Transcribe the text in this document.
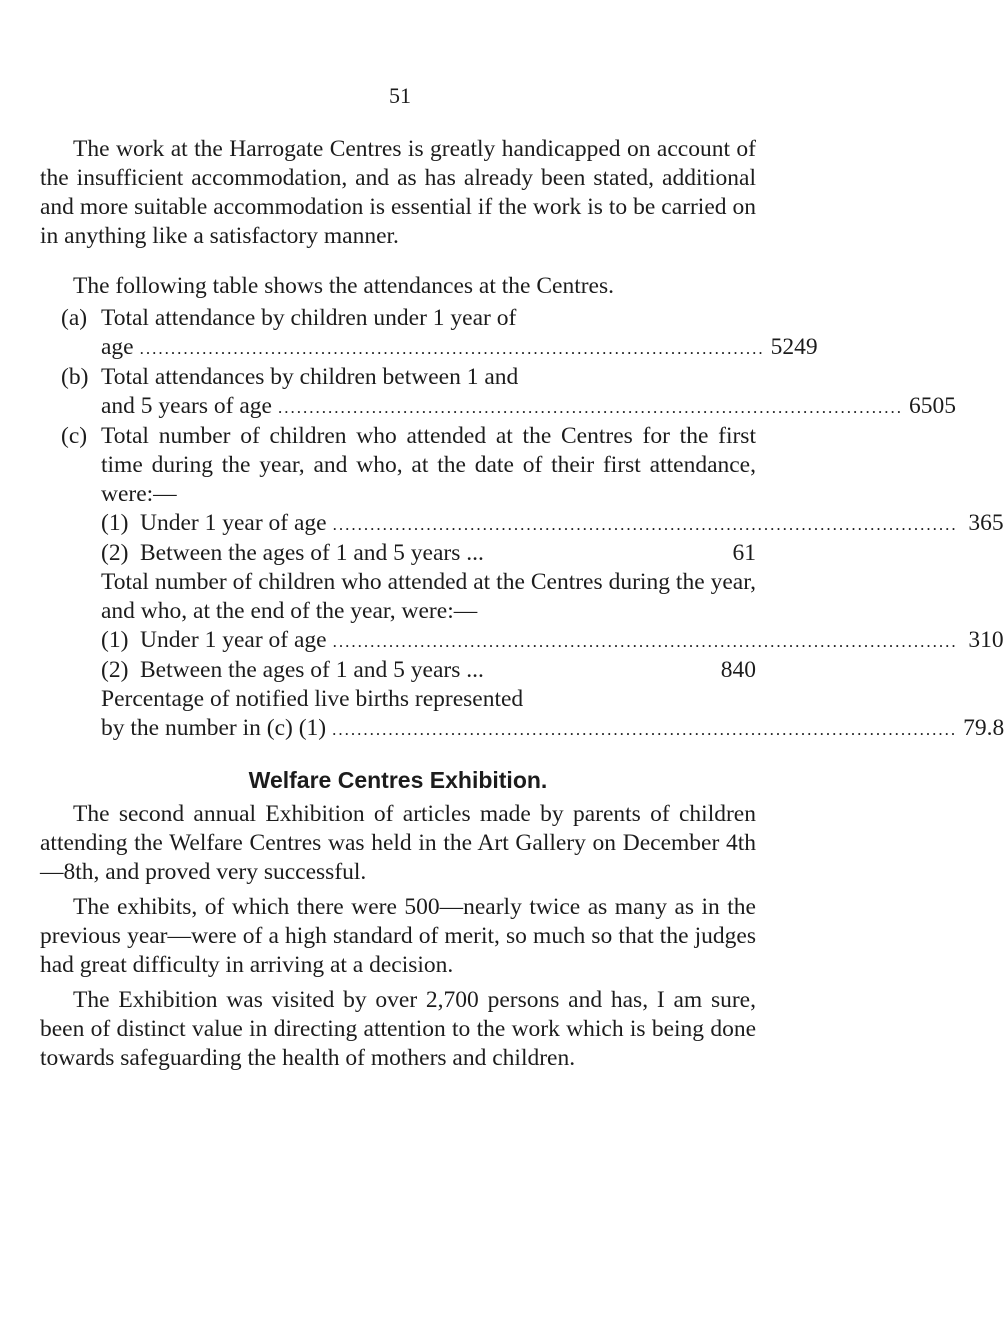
51

The work at the Harrogate Centres is greatly handicapped on account of the insufficient accommodation, and as has already been stated, additional and more suitable accommodation is essential if the work is to be carried on in anything like a satisfactory manner.

The following table shows the attendances at the Centres.

(a) Total attendance by children under 1 year of
age .................................................................................................... 5249
(b) Total attendances by children between 1 and
and 5 years of age .................................................................................................... 6505
(c) Total number of children who attended at the Centres for the first time during the year, and who, at the date of their first attendance, were:—
(1) Under 1 year of age .................................................................................................... 365
(2) Between the ages of 1 and 5 years ...	61
Total number of children who attended at the Centres during the year, and who, at the end of the year, were:—
(1) Under 1 year of age .................................................................................................... 310
(2) Between the ages of 1 and 5 years ...	840
Percentage of notified live births represented
by the number in (c) (1) .................................................................................................... 79.8
Welfare Centres Exhibition.

The second annual Exhibition of articles made by parents of children attending the Welfare Centres was held in the Art Gallery on December 4th—8th, and proved very successful.

The exhibits, of which there were 500—nearly twice as many as in the previous year—were of a high standard of merit, so much so that the judges had great difficulty in arriving at a decision.

The Exhibition was visited by over 2,700 persons and has, I am sure, been of distinct value in directing attention to the work which is being done towards safeguarding the health of mothers and children.
